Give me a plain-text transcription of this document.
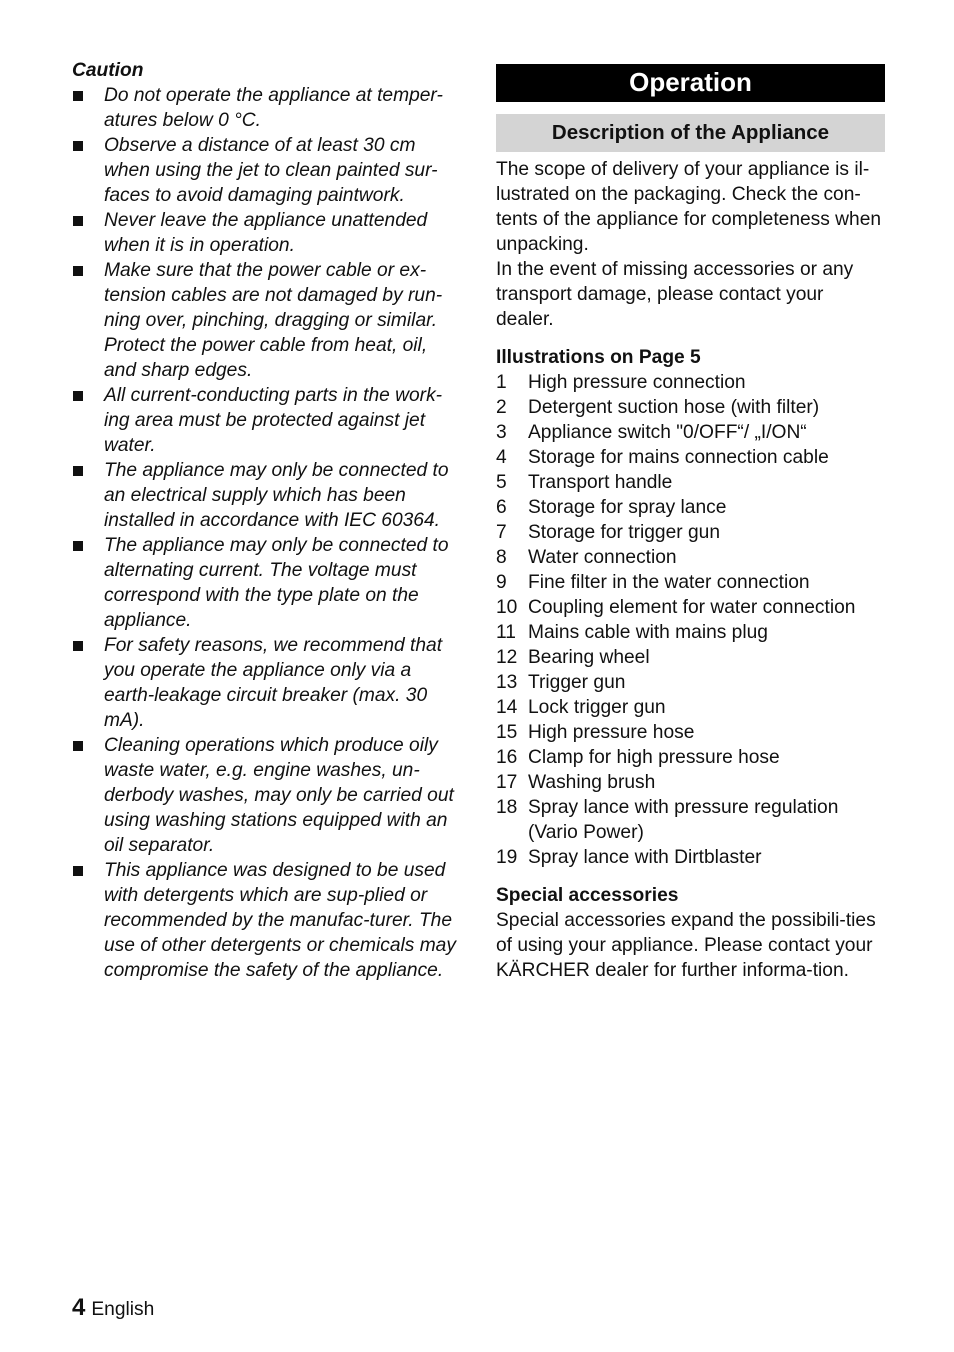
Caution

Do not operate the appliance at temper-​atures below 0 °C.
Observe a distance of at least 30 cm when using the jet to clean painted sur-faces to avoid damaging paintwork.
Never leave the appliance unattended when it is in operation.
Make sure that the power cable or ex-tension cables are not damaged by run-ning over, pinching, dragging or similar. Protect the power cable from heat, oil, and sharp edges.
All current-conducting parts in the work-ing area must be protected against jet water.
The appliance may only be connected to an electrical supply which has been installed in accordance with IEC 60364.
The appliance may only be connected to alternating current. The voltage must correspond with the type plate on the appliance.
For safety reasons, we recommend that you operate the appliance only via a earth-leakage circuit breaker (max. 30 mA).
Cleaning operations which produce oily waste water, e.g. engine washes, un-derbody washes, may only be carried out using washing stations equipped with an oil separator.
This appliance was designed to be used with detergents which are sup-plied or recommended by the manufac-turer. The use of other detergents or chemicals may compromise the safety of the appliance.
Operation
Description of the Appliance

The scope of delivery of your appliance is il-lustrated on the packaging. Check the con-tents of the appliance for completeness when unpacking.

In the event of missing accessories or any transport damage, please contact your dealer.

Illustrations on Page 5

1 High pressure connection
2 Detergent suction hose (with filter)
3 Appliance switch "0/OFF“/ „I/ON“
4 Storage for mains connection cable
5 Transport handle
6 Storage for spray lance
7 Storage for trigger gun
8 Water connection
9 Fine filter in the water connection
10 Coupling element for water connection
11 Mains cable with mains plug
12 Bearing wheel
13 Trigger gun
14 Lock trigger gun
15 High pressure hose
16 Clamp for high pressure hose
17 Washing brush
18 Spray lance with pressure regulation (Vario Power)
19 Spray lance with Dirtblaster

Special accessories

Special accessories expand the possibili-ties of using your appliance. Please contact your KÄRCHER dealer for further informa-tion.

4 English
